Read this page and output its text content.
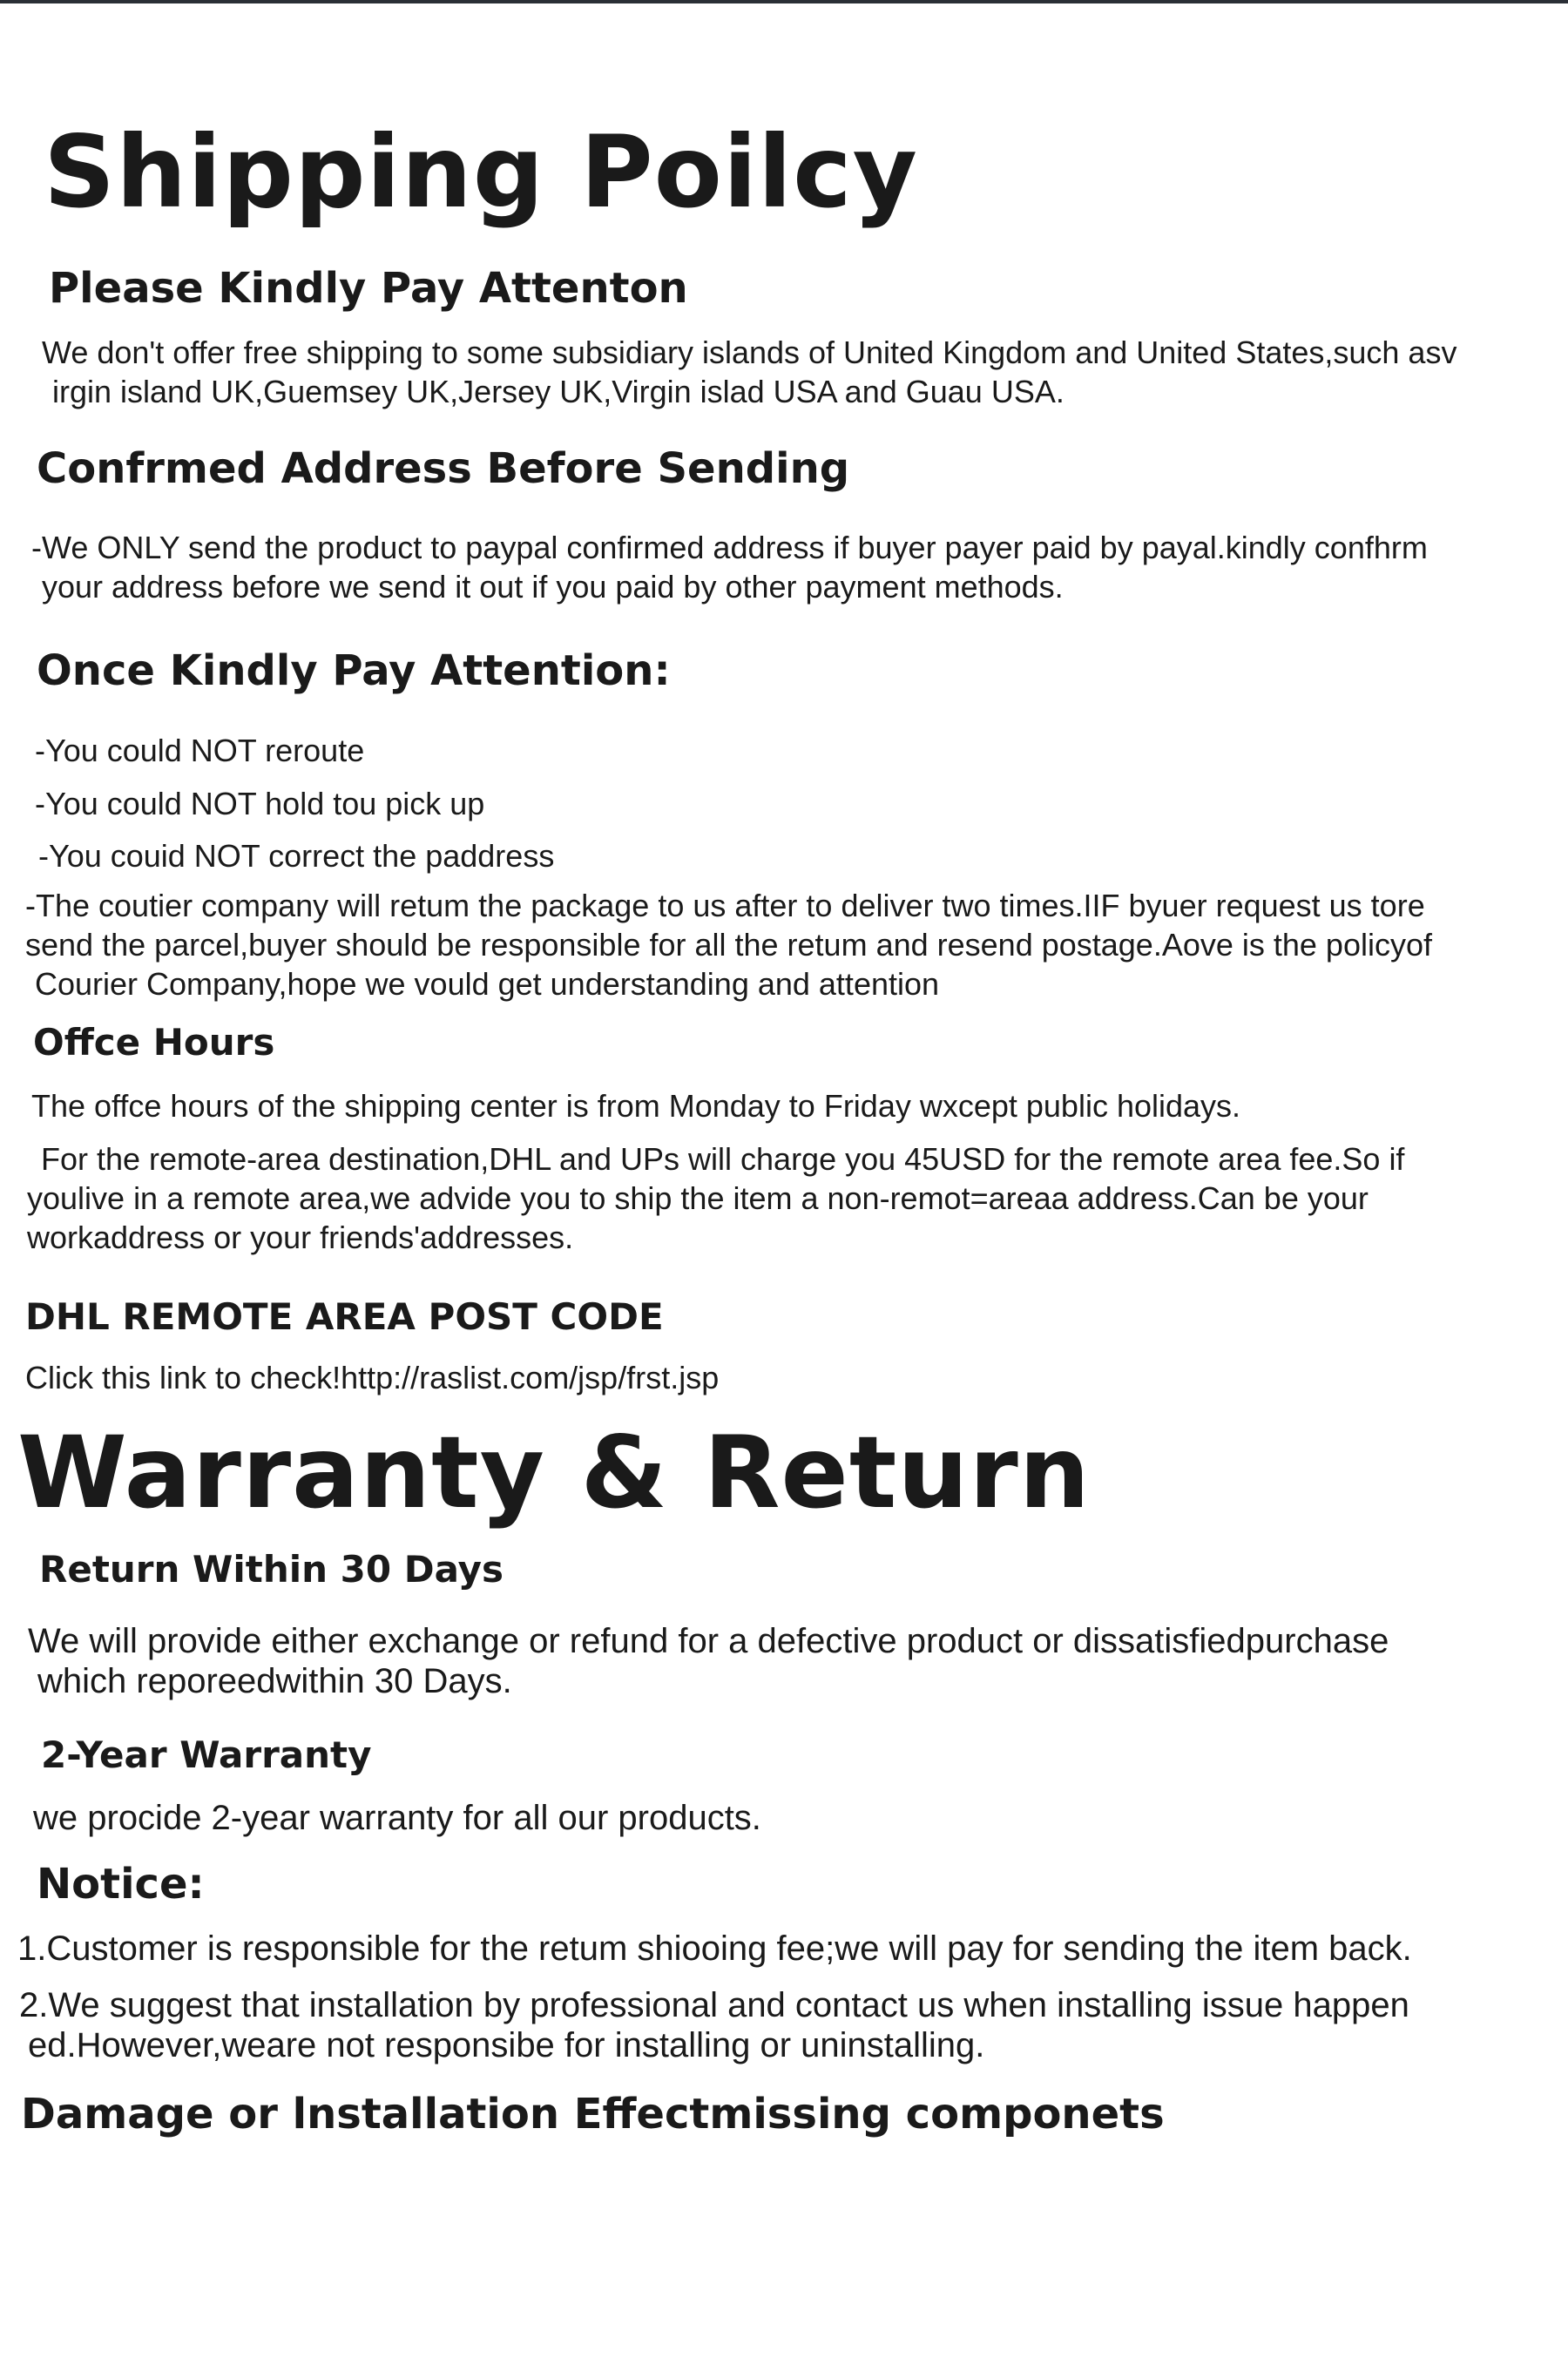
Shipping Poilcy
Please Kindly Pay Attenton

We don't offer free shipping to some subsidiary islands of United Kingdom and United States,such asv

irgin island UK,Guemsey UK,Jersey UK,Virgin islad USA and Guau USA.

Confrmed Address Before Sending

-We ONLY send the product to paypal confirmed address if buyer payer paid by payal.kindly confhrm

your address before we send it out if you paid by other payment methods.

Once Kindly Pay Attention:

-You could NOT reroute

-You could NOT hold tou pick up

-You couid NOT correct the paddress

-The coutier company will retum the package to us after to deliver two times.IIF byuer request us tore

send the parcel,buyer should be responsible for all the retum and resend postage.Aove is the policyof

Courier Company,hope we vould get understanding and attention

Offce Hours

The offce hours of the shipping center is from Monday to Friday wxcept public holidays.

For the remote-area destination,DHL and UPs will charge you 45USD for the remote area fee.So if

youlive in a remote area,we advide you to ship the item a non-remot=areaa address.Can be your

workaddress or your friends'addresses.

DHL REMOTE AREA POST CODE

Click this link to check!http://raslist.com/jsp/frst.jsp

Warranty & Return
Return Within 30 Days

We will provide either exchange or refund for a defective product or dissatisfiedpurchase

which reporeedwithin 30 Days.

2-Year Warranty

we procide 2-year warranty for all our products.

Notice:

1.Customer is responsible for the retum shiooing fee;we will pay for sending the item back.

2.We suggest that installation by professional and contact us when installing issue happen

ed.However,weare not responsibe for installing or uninstalling.

Damage or lnstallation Effectmissing componets
